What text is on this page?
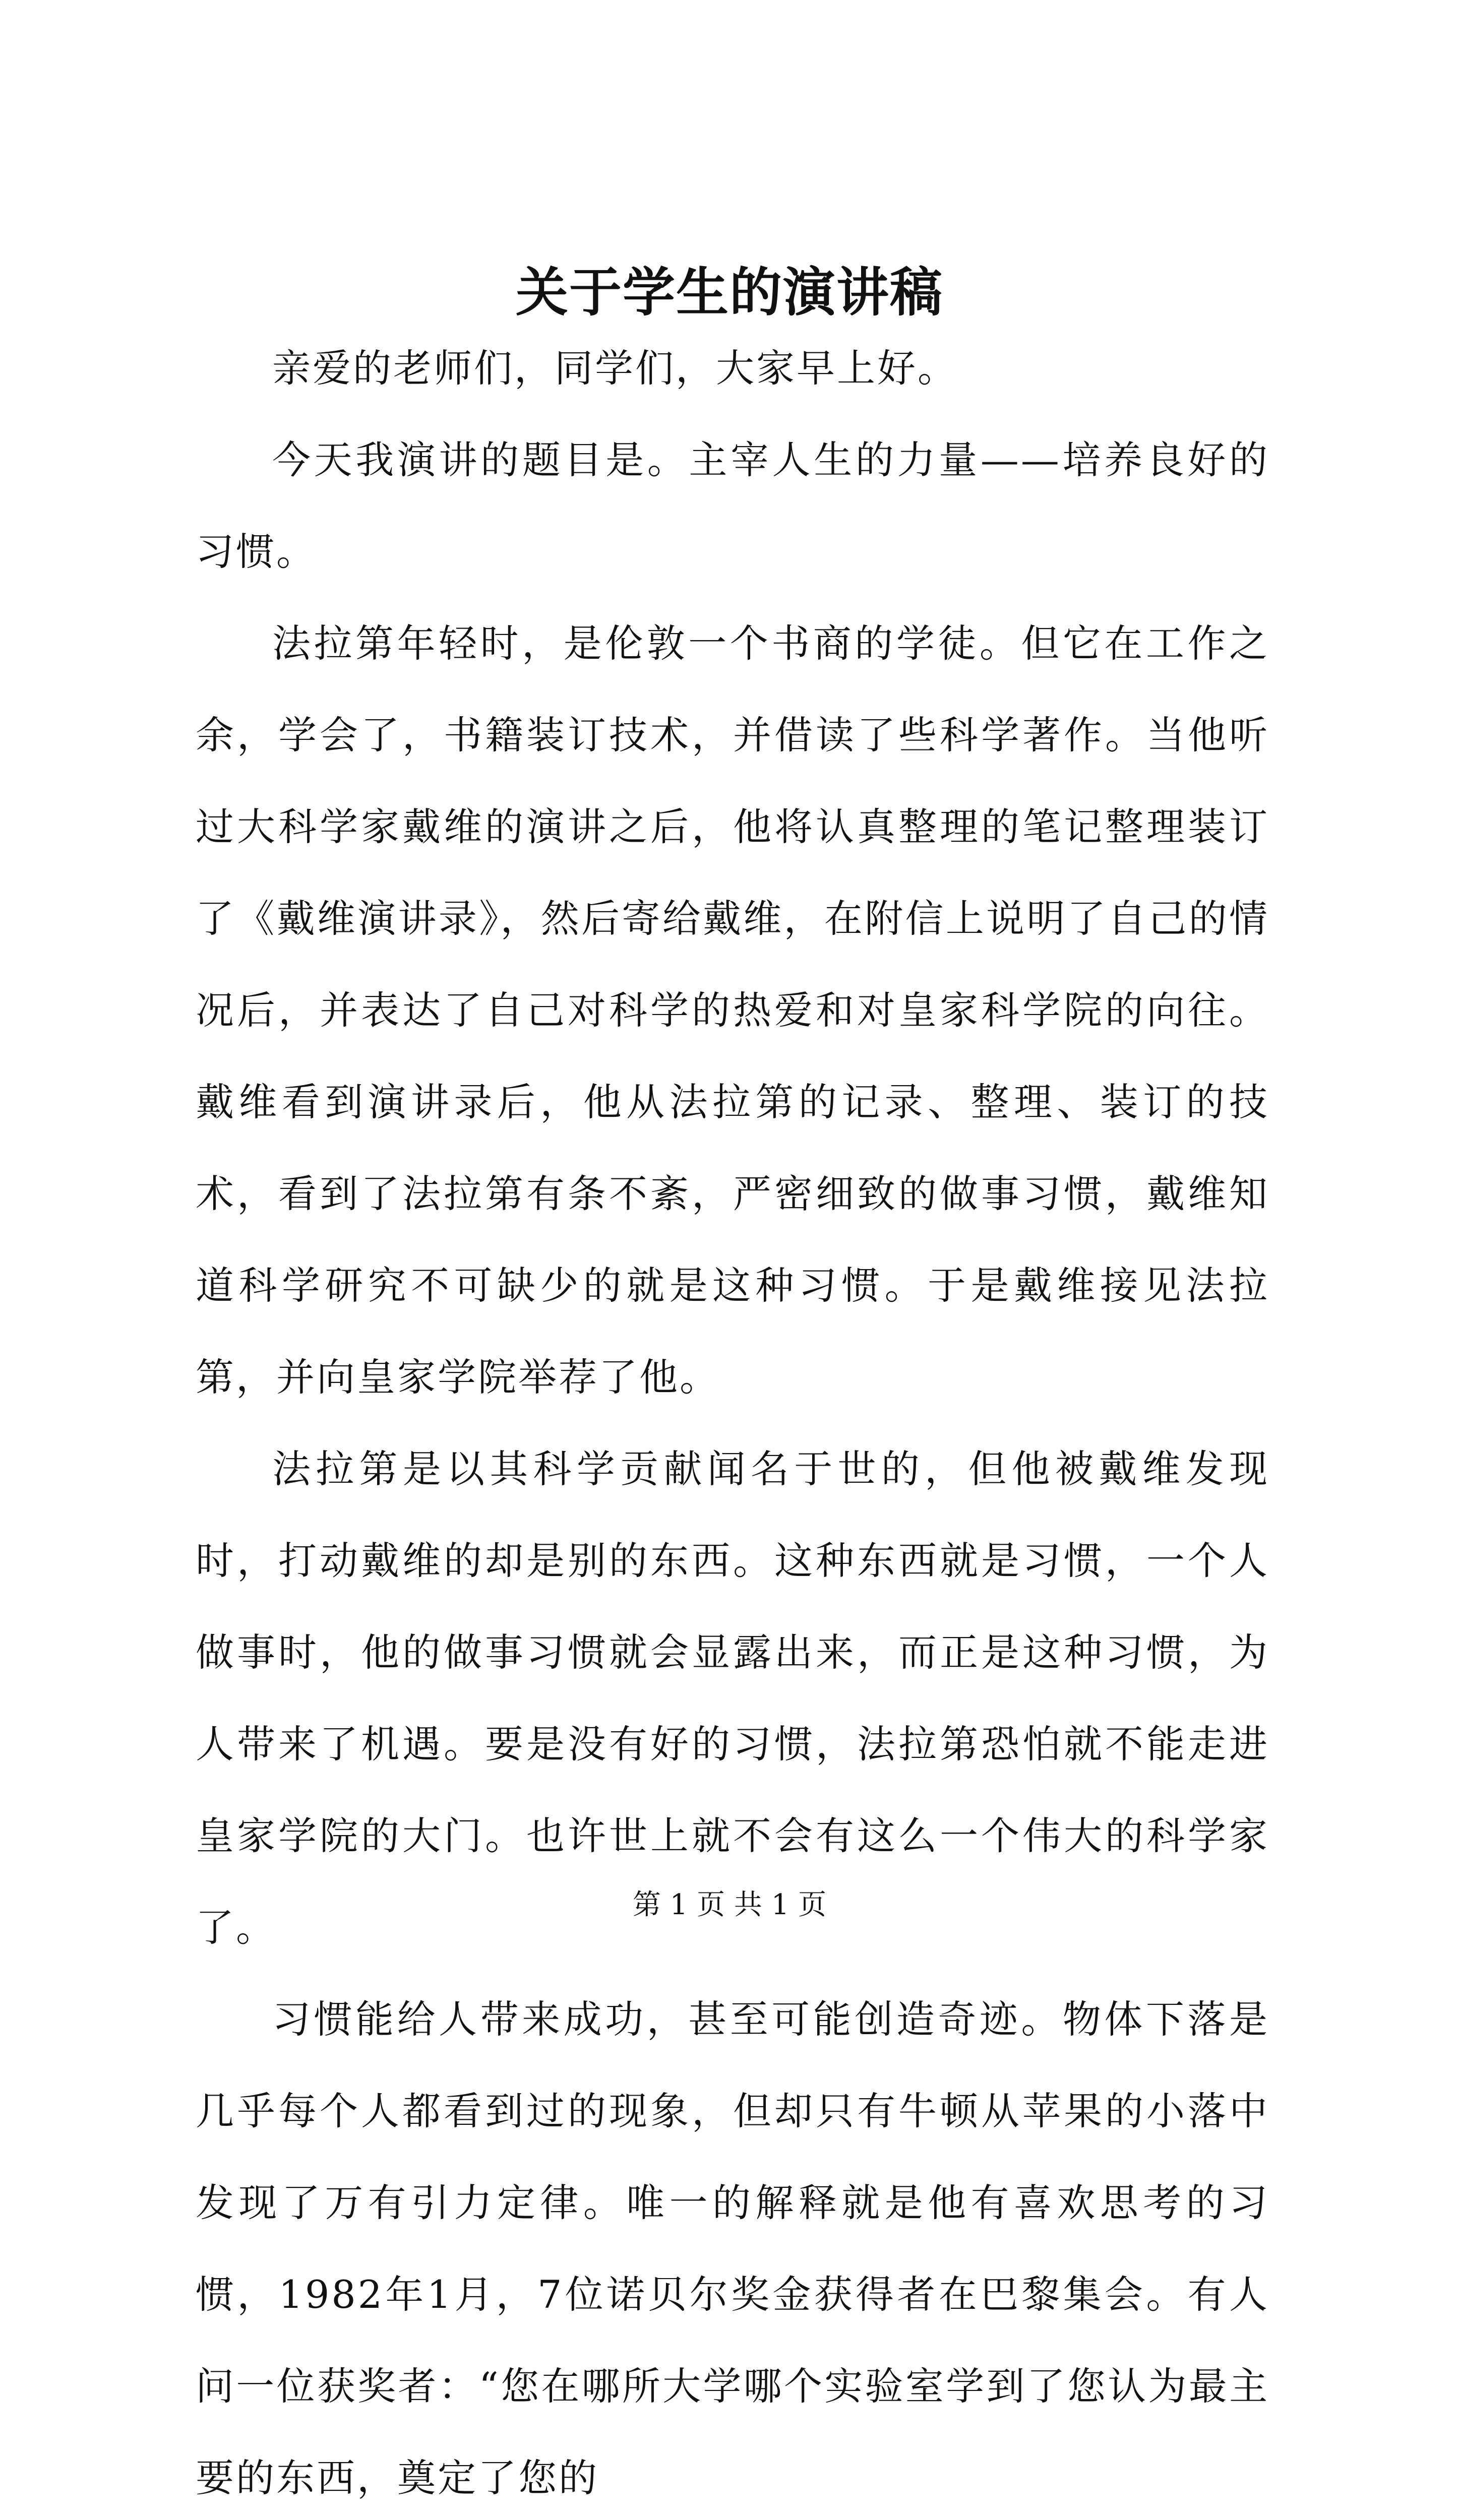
关于学生的演讲稿

亲爱的老师们，同学们，大家早上好。

今天我演讲的题目是。主宰人生的力量——培养良好的习惯。

法拉第年轻时，是伦敦一个书商的学徒。但它在工作之余，学会了，书籍装订技术，并借读了些科学著作。当他听过大科学家戴维的演讲之后，他将认真整理的笔记整理装订了《戴维演讲录》，然后寄给戴维，在附信上说明了自己的情况后，并表达了自己对科学的热爱和对皇家科学院的向往。戴维看到演讲录后，他从法拉第的记录、整理、装订的技术，看到了法拉第有条不紊，严密细致的做事习惯，戴维知道科学研究不可缺少的就是这种习惯。于是戴维接见法拉第，并向皇家学院举荐了他。

法拉第是以其科学贡献闻名于世的，但他被戴维发现时，打动戴维的却是别的东西。这种东西就是习惯，一个人做事时，他的做事习惯就会显露出来，而正是这种习惯，为人带来了机遇。要是没有好的习惯，法拉第恐怕就不能走进皇家学院的大门。也许世上就不会有这么一个伟大的科学家了。

习惯能给人带来成功，甚至可能创造奇迹。物体下落是几乎每个人都看到过的现象，但却只有牛顿从苹果的小落中发现了万有引力定律。唯一的解释就是他有喜欢思考的习惯，1982年1月，7位诺贝尔奖金获得者在巴黎集会。有人问一位获奖者：“您在哪所大学哪个实验室学到了您认为最主要的东西，奠定了您的

第 1 页 共 1 页
